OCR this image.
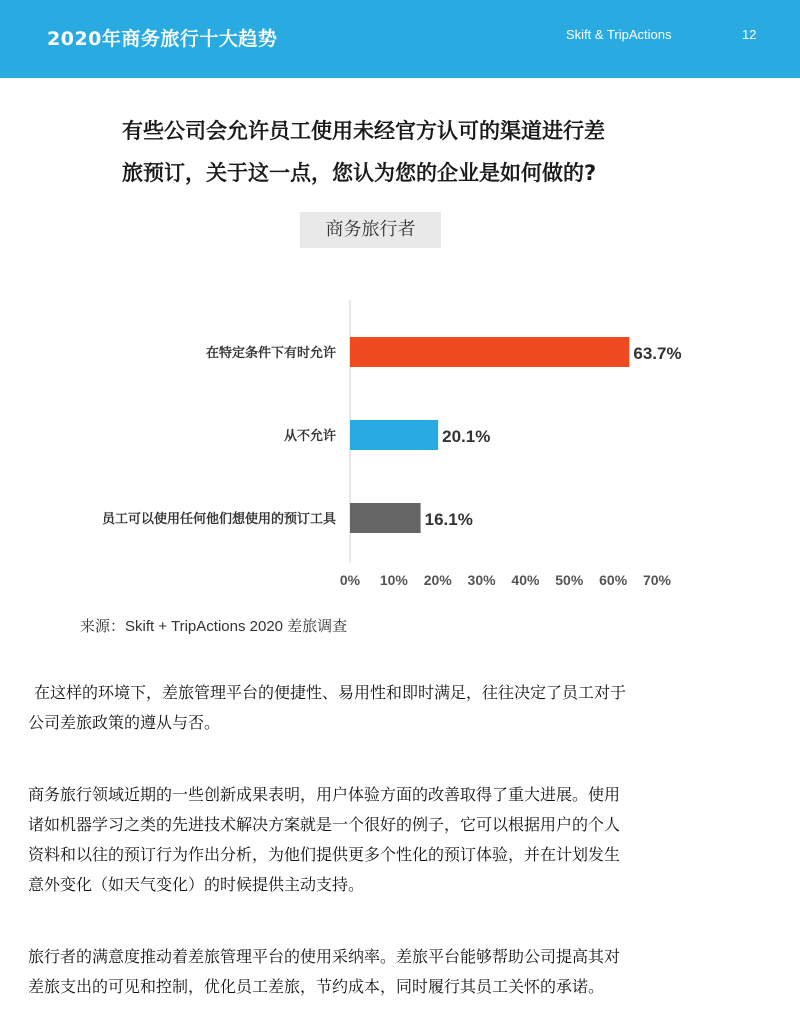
2020年商务旅行十大趋势	Skift & TripActions	12
有些公司会允许员工使用未经官方认可的渠道进行差
旅预订，关于这一点，您认为您的企业是如何做的?
商务旅行者
在特定条件下有时允许	63.7%
从不允许	20.1%
员工可以使用任何他们想使用的预订工具	16.1%
0% 10% 20% 30% 40% 50% 60% 70%
来源：Skift + TripActions 2020 差旅调查
在这样的环境下，差旅管理平台的便捷性、易用性和即时满足，往往决定了员工对于
公司差旅政策的遵从与否。
商务旅行领域近期的一些创新成果表明，用户体验方面的改善取得了重大进展。使用
诸如机器学习之类的先进技术解决方案就是一个很好的例子，它可以根据用户的个人
资料和以往的预订行为作出分析，为他们提供更多个性化的预订体验，并在计划发生
意外变化（如天气变化）的时候提供主动支持。
旅行者的满意度推动着差旅管理平台的使用采纳率。差旅平台能够帮助公司提高其对
差旅支出的可见和控制，优化员工差旅，节约成本，同时履行其员工关怀的承诺。
